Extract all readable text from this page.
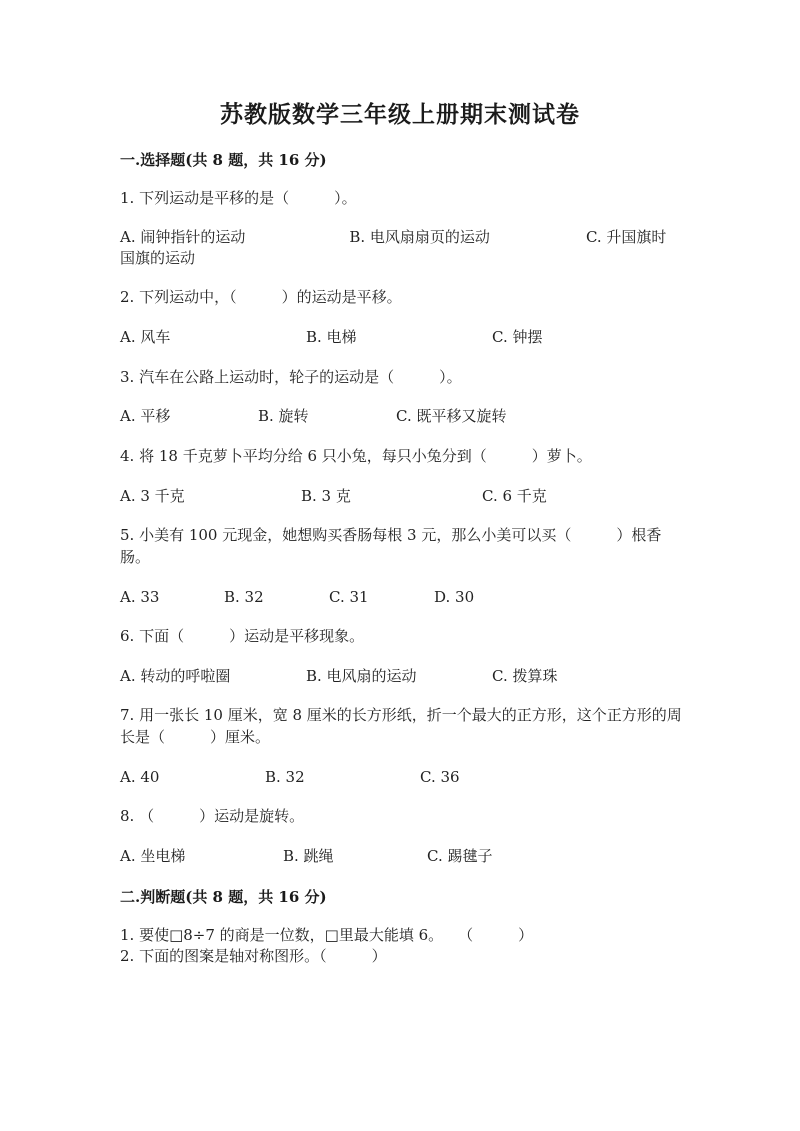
苏教版数学三年级上册期末测试卷
一.选择题(共 8 题，共 16 分)
1. 下列运动是平移的是（　　　）。
A. 闹钟指针的运动	B. 电风扇扇页的运动	C. 升国旗时国旗的运动
2. 下列运动中，（　　　）的运动是平移。
A. 风车	B. 电梯	C. 钟摆
3. 汽车在公路上运动时，轮子的运动是（　　　）。
A. 平移	B. 旋转	C. 既平移又旋转
4. 将 18 千克萝卜平均分给 6 只小兔，每只小兔分到（　　　）萝卜。
A. 3 千克	B. 3 克	C. 6 千克
5. 小美有 100 元现金，她想购买香肠每根 3 元，那么小美可以买（　　　）根香肠。
A. 33	B. 32	C. 31	D. 30
6. 下面（　　　）运动是平移现象。
A. 转动的呼啦圈	B. 电风扇的运动	C. 拨算珠
7. 用一张长 10 厘米，宽 8 厘米的长方形纸，折一个最大的正方形，这个正方形的周长是（　　　）厘米。
A. 40	B. 32	C. 36
8. （　　　）运动是旋转。
A. 坐电梯	B. 跳绳	C. 踢毽子
二.判断题(共 8 题，共 16 分)
1. 要使□8÷7 的商是一位数，□里最大能填 6。　　（　　　）
2. 下面的图案是轴对称图形。（　　　）
